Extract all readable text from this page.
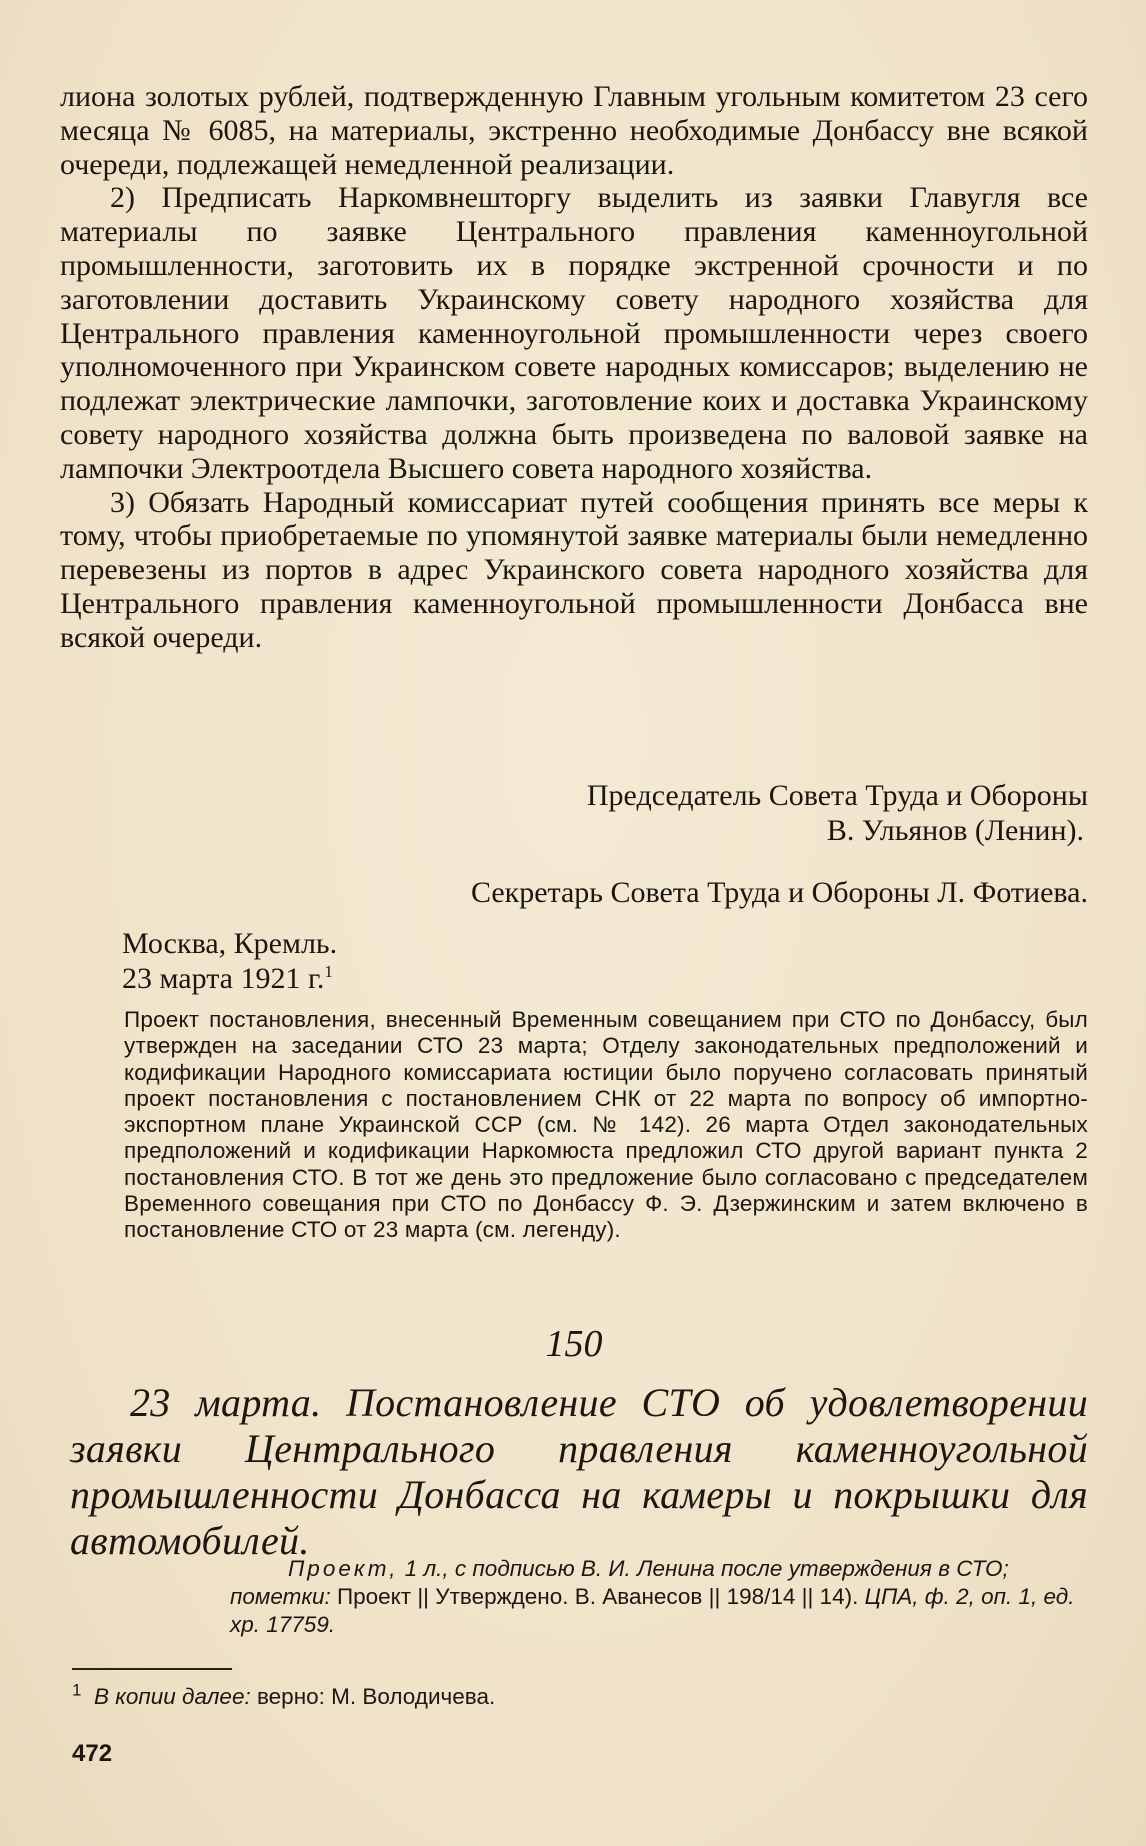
лиона золотых рублей, подтвержденную Главным угольным комитетом 23 сего месяца № 6085, на материалы, экстренно необходимые Донбассу вне всякой очереди, подлежащей немедленной реализации.

2) Предписать Наркомвнешторгу выделить из заявки Главугля все материалы по заявке Центрального правления каменноугольной промышленности, заготовить их в порядке экстренной срочности и по заготовлении доставить Украинскому совету народного хозяйства для Центрального правления каменноугольной промышленности через своего уполномоченного при Украинском совете народных комиссаров; выделению не подлежат электрические лампочки, заготовление коих и доставка Украинскому совету народного хозяйства должна быть произведена по валовой заявке на лампочки Электроотдела Высшего совета народного хозяйства.

3) Обязать Народный комиссариат путей сообщения принять все меры к тому, чтобы приобретаемые по упомянутой заявке материалы были немедленно перевезены из портов в адрес Украинского совета народного хозяйства для Центрального правления каменноугольной промышленности Донбасса вне всякой очереди.

Председатель Совета Труда и Обороны

В. Ульянов (Ленин).

Секретарь Совета Труда и Обороны Л. Фотиева.

Москва, Кремль.

23 марта 1921 г.$^1$

Проект постановления, внесенный Временным совещанием при СТО по Донбассу, был утвержден на заседании СТО 23 марта; Отделу законодательных предположений и кодификации Народного комиссариата юстиции было поручено согласовать принятый проект постановления с постановлением СНК от 22 марта по вопросу об импортно-экспортном плане Украинской ССР (см. № 142). 26 марта Отдел законодательных предположений и кодификации Наркомюста предложил СТО другой вариант пункта 2 постановления СТО. В тот же день это предложение было согласовано с председателем Временного совещания при СТО по Донбассу Ф. Э. Дзержинским и затем включено в постановление СТО от 23 марта (см. легенду).

150

23 марта. Постановление СТО об удовлетворении заявки Центрального правления каменноугольной промышленности Донбасса на камеры и покрышки для автомобилей.

Проект, 1 л., с подписью В. И. Ленина после утверждения в СТО; пометки: Проект || Утверждено. В. Аванесов || 198/14 || 14). ЦПА, ф. 2, оп. 1, ед. хр. 17759.

$^1$ В копии далее: верно: М. Володичева.

472
